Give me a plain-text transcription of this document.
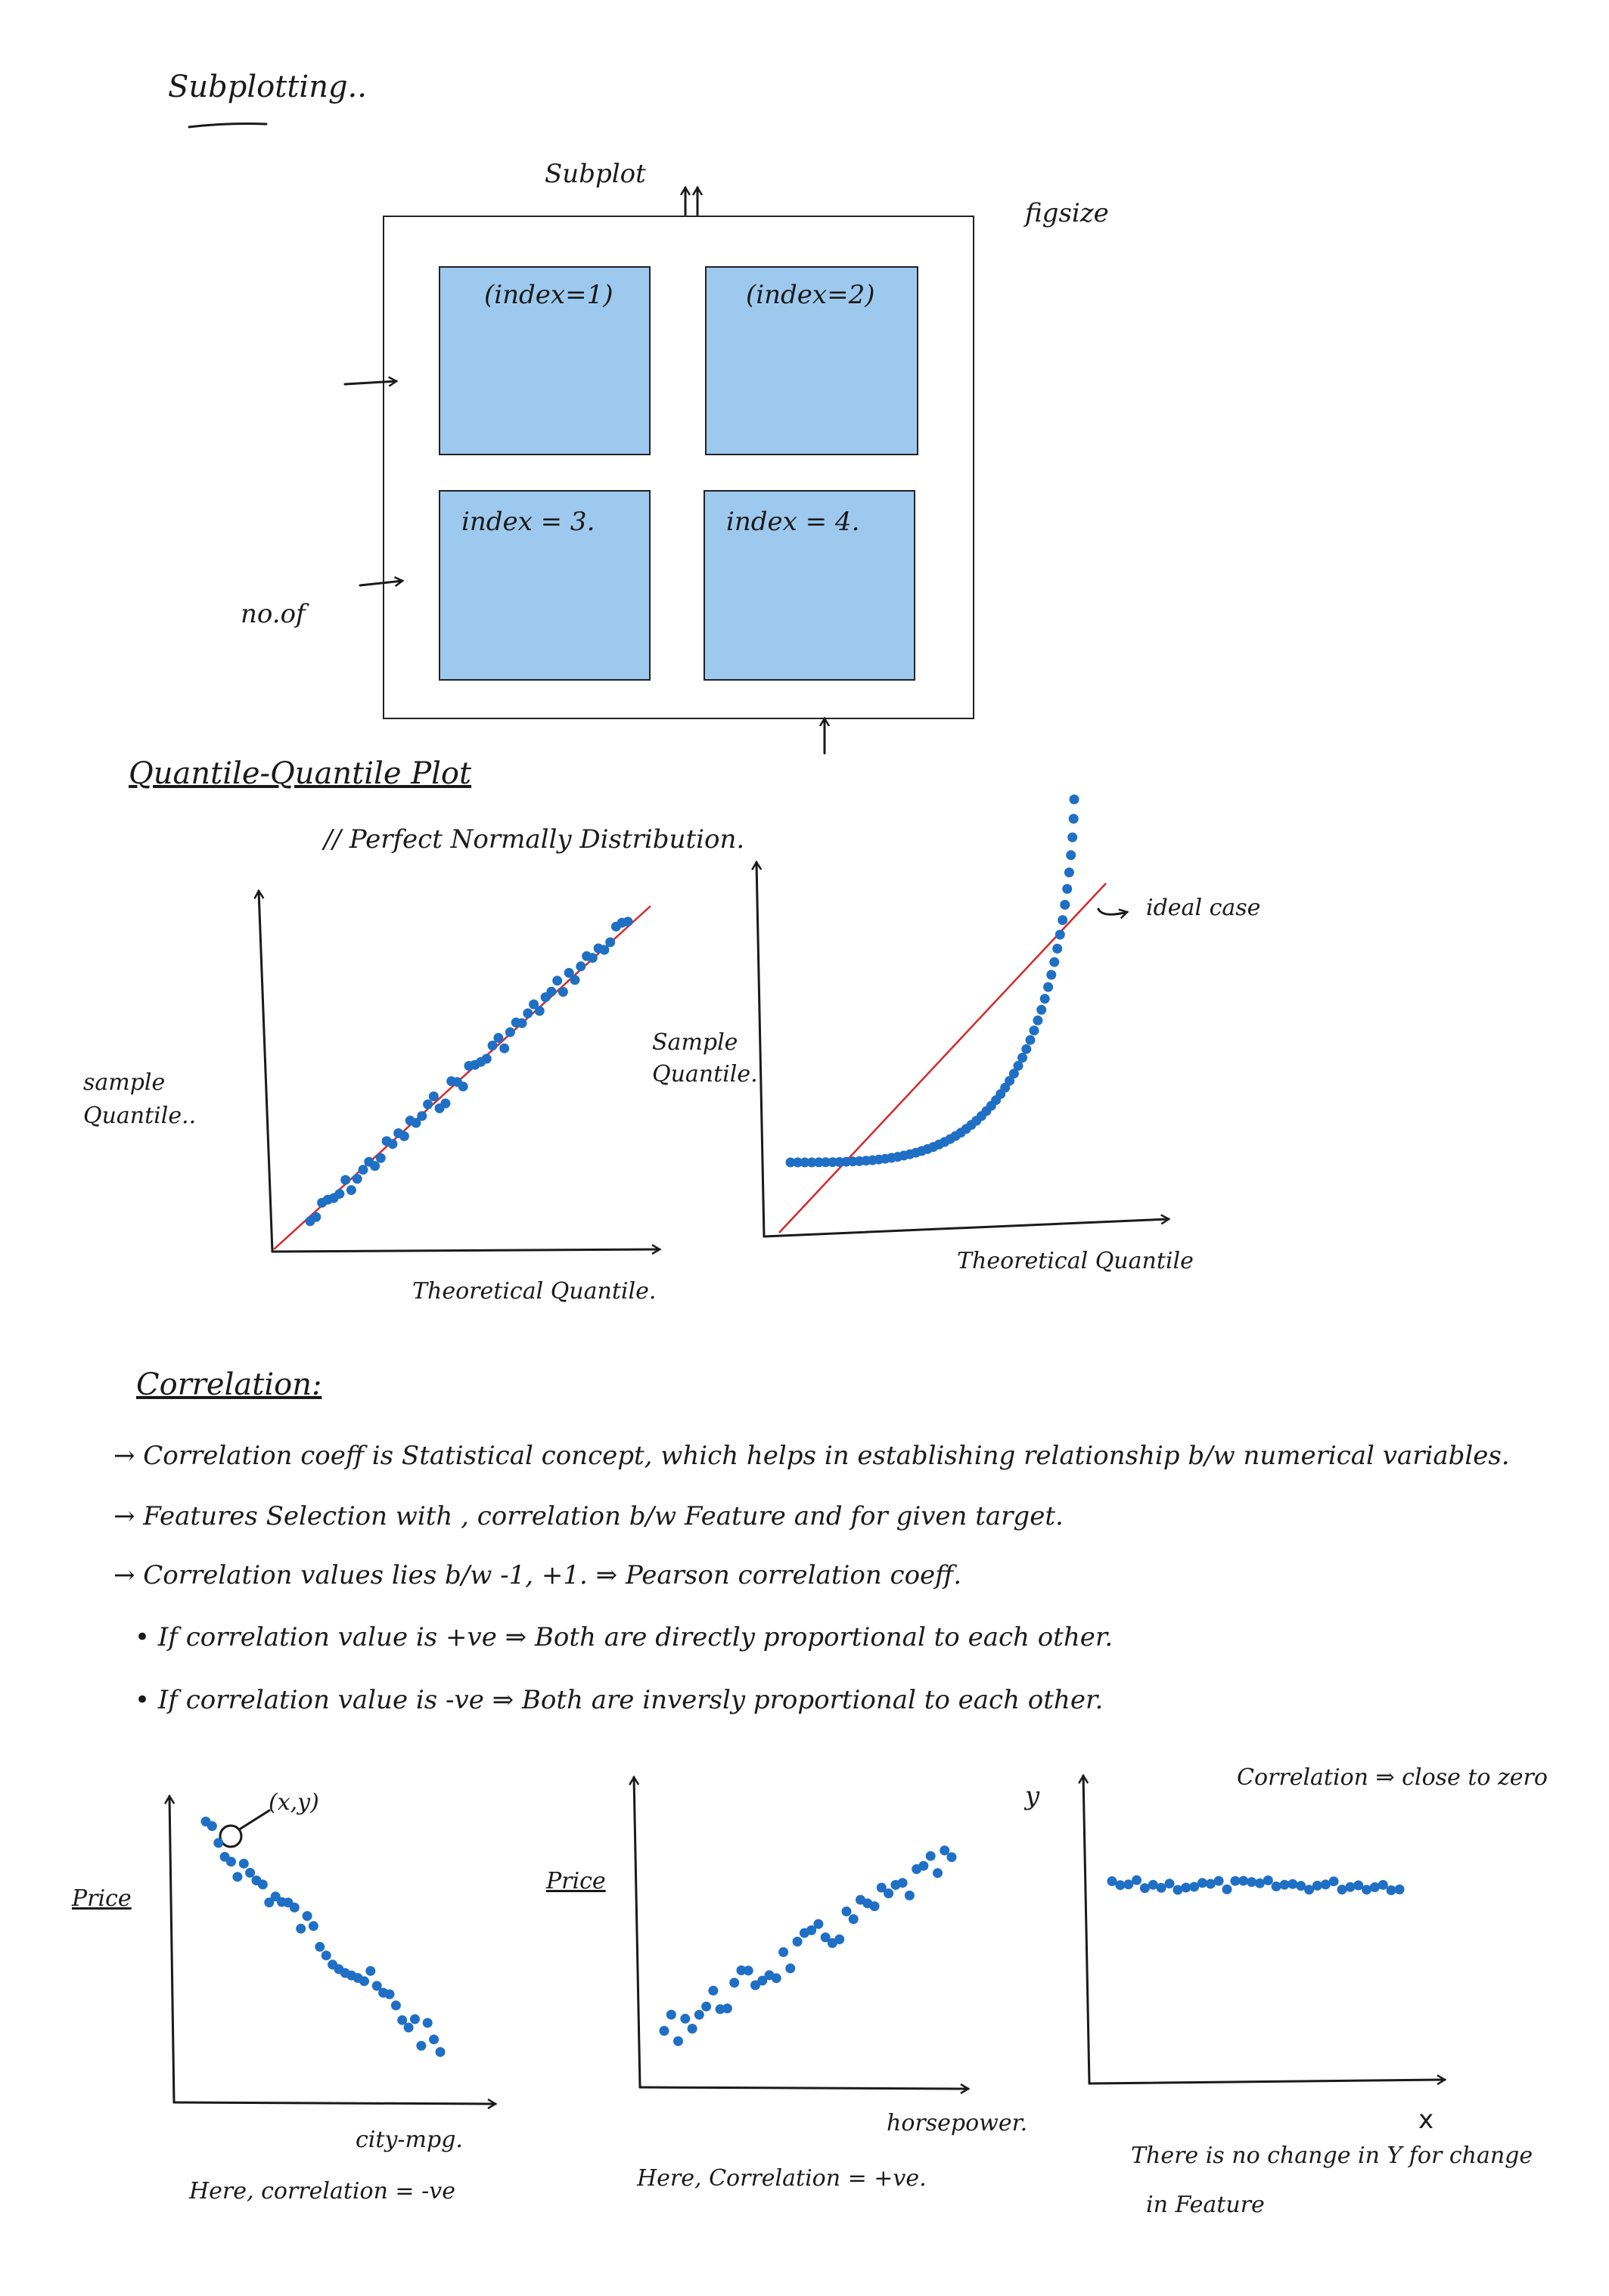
Subplotting..
Subplot
figsize
no.of
(index=1)	(index=2)
index = 3.	index = 4.
Quantile-Quantile Plot
// Perfect Normally Distribution.
sample Quantile..
Theoretical Quantile.
Sample Quantile.
Theoretical Quantile
ideal case
Correlation:
→ Correlation coeff is Statistical concept, which helps in establishing relationship b/w numerical variables.
→ Features Selection with , correlation b/w Feature and for given target.
→ Correlation values lies b/w -1, +1. ⇒ Pearson correlation coeff.
• If correlation value is +ve ⇒ Both are directly proportional to each other.
• If correlation value is -ve ⇒ Both are inversly proportional to each other.
Price
(x,y)
city-mpg.
Here, correlation = -ve
Price
horsepower.
Here, Correlation = +ve.
y
Correlation ⇒ close to zero
x
There is no change in Y for change
in Feature
